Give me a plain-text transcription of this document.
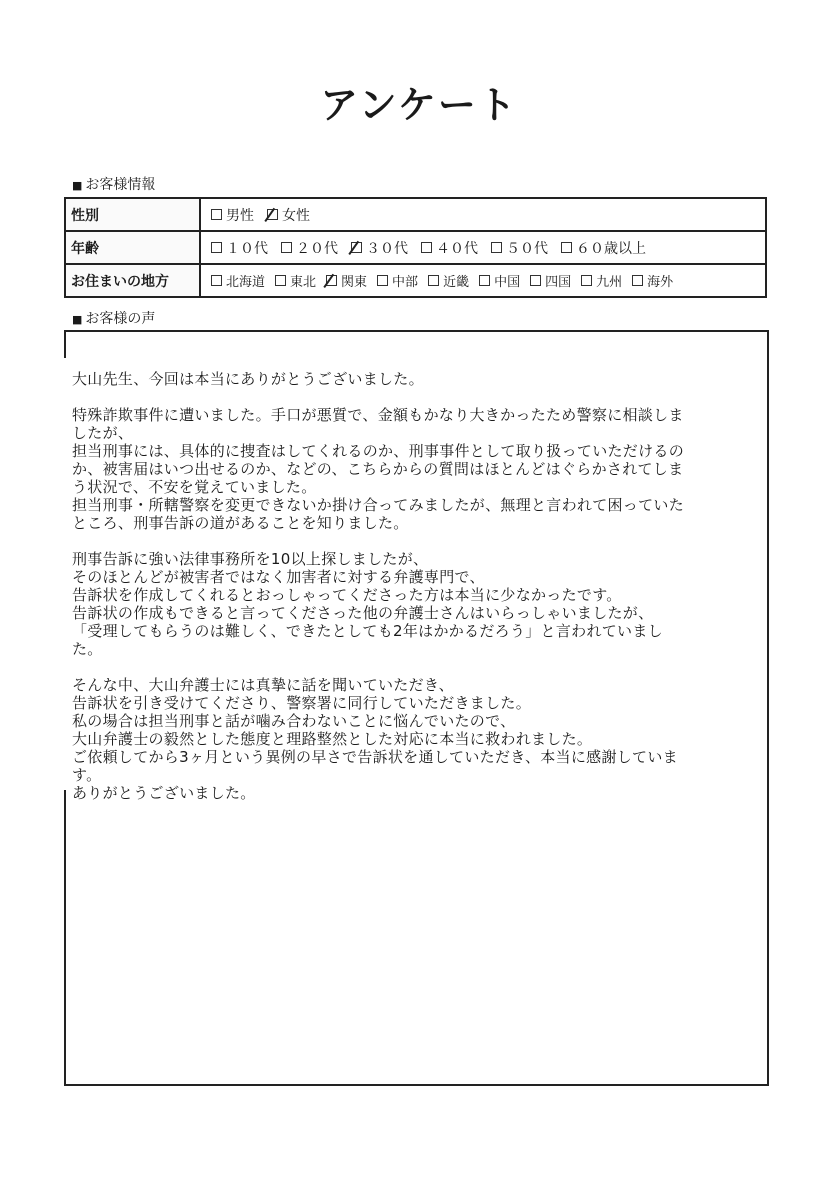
アンケート
■ お客様情報
性別	男性 女性
年齢	１０代 ２０代 ３０代 ４０代 ５０代 ６０歳以上
お住まいの地方	北海道 東北 関東 中部 近畿 中国 四国 九州 海外
■ お客様の声

大山先生、今回は本当にありがとうございました。

特殊詐欺事件に遭いました。手口が悪質で、金額もかなり大きかったため警察に相談しま
したが、
担当刑事には、具体的に捜査はしてくれるのか、刑事事件として取り扱っていただけるの
か、被害届はいつ出せるのか、などの、こちらからの質問はほとんどはぐらかされてしま
う状況で、不安を覚えていました。
担当刑事・所轄警察を変更できないか掛け合ってみましたが、無理と言われて困っていた
ところ、刑事告訴の道があることを知りました。

刑事告訴に強い法律事務所を10以上探しましたが、
そのほとんどが被害者ではなく加害者に対する弁護専門で、
告訴状を作成してくれるとおっしゃってくださった方は本当に少なかったです。
告訴状の作成もできると言ってくださった他の弁護士さんはいらっしゃいましたが、
「受理してもらうのは難しく、できたとしても2年はかかるだろう」と言われていまし
た。

そんな中、大山弁護士には真摯に話を聞いていただき、
告訴状を引き受けてくださり、警察署に同行していただきました。
私の場合は担当刑事と話が噛み合わないことに悩んでいたので、
大山弁護士の毅然とした態度と理路整然とした対応に本当に救われました。
ご依頼してから3ヶ月という異例の早さで告訴状を通していただき、本当に感謝していま
す。
ありがとうございました。
